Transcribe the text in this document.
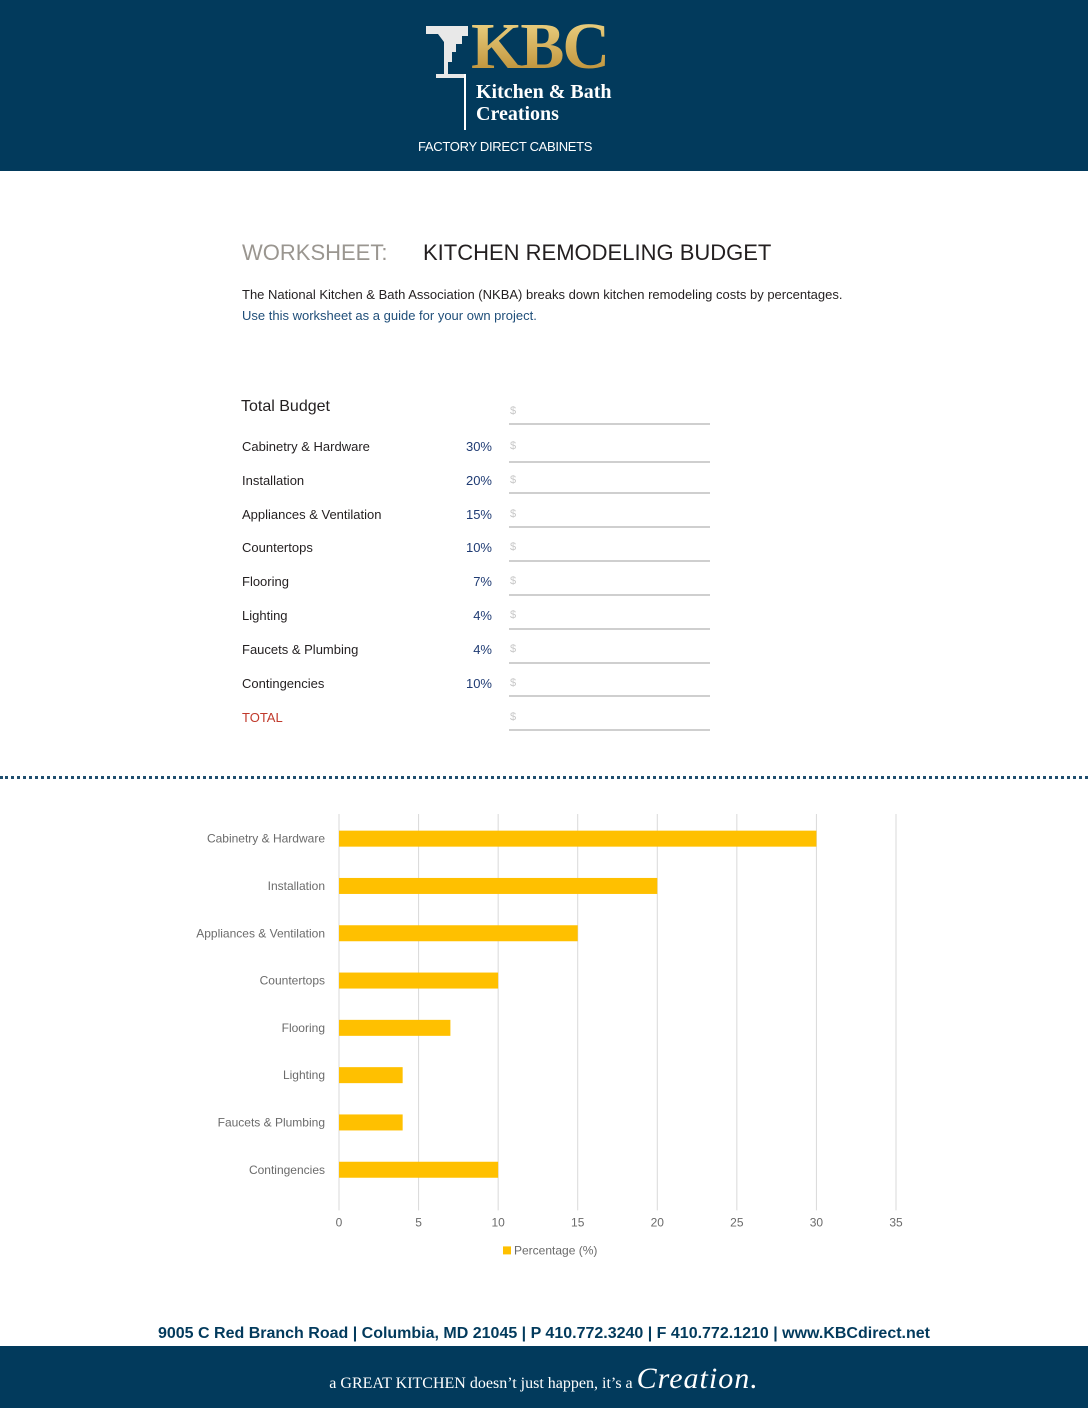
KBC
Kitchen & Bath
Creations
FACTORY DIRECT CABINETS
WORKSHEET: KITCHEN REMODELING BUDGET
The National Kitchen & Bath Association (NKBA) breaks down kitchen remodeling costs by percentages.
Use this worksheet as a guide for your own project.
Total Budget	$
Cabinetry & Hardware	30% $
Installation	20% $
Appliances & Ventilation	15% $
Countertops	10% $
Flooring	7% $
Lighting	4% $
Faucets & Plumbing	4% $
Contingencies	10% $
TOTAL	$
0	5	10	15	20	25	30	35
Cabinetry & Hardware
Installation
Appliances & Ventilation
Countertops
Flooring
Lighting
Faucets & Plumbing
Contingencies
Percentage (%)
9005 C Red Branch Road | Columbia, MD 21045 | P 410.772.3240 | F 410.772.1210 | www.KBCdirect.net
a GREAT KITCHEN doesn’t just happen, it’s a Creation.
